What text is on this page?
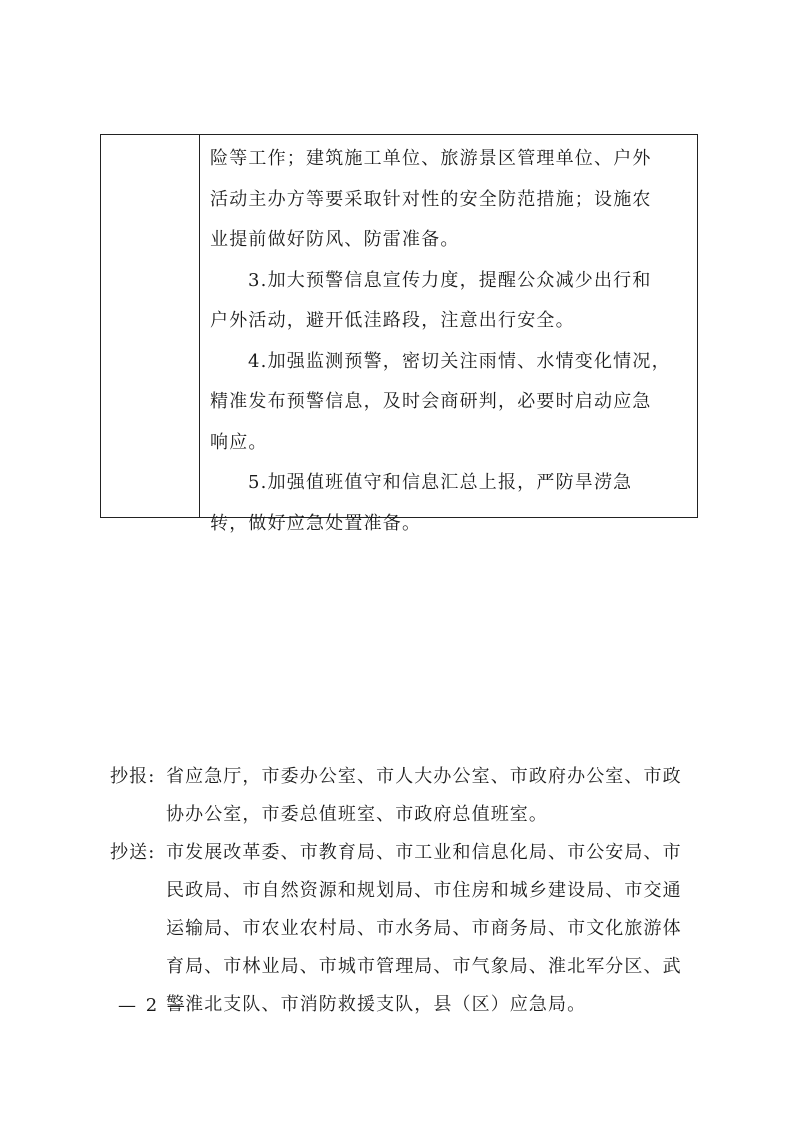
险等工作；建筑施工单位、旅游景区管理单位、户外
活动主办方等要采取针对性的安全防范措施；设施农
业提前做好防风、防雷准备。
3.加大预警信息宣传力度，提醒公众减少出行和
户外活动，避开低洼路段，注意出行安全。
4.加强监测预警，密切关注雨情、水情变化情况，
精准发布预警信息，及时会商研判，必要时启动应急
响应。
5.加强值班值守和信息汇总上报，严防旱涝急
转，做好应急处置准备。
抄报: 省应急厅，市委办公室、市人大办公室、市政府办公室、市政
协办公室，市委总值班室、市政府总值班室。
抄送: 市发展改革委、市教育局、市工业和信息化局、市公安局、市
民政局、市自然资源和规划局、市住房和城乡建设局、市交通
运输局、市农业农村局、市水务局、市商务局、市文化旅游体
育局、市林业局、市城市管理局、市气象局、淮北军分区、武
警淮北支队、市消防救援支队，县（区）应急局。
— 2 —
